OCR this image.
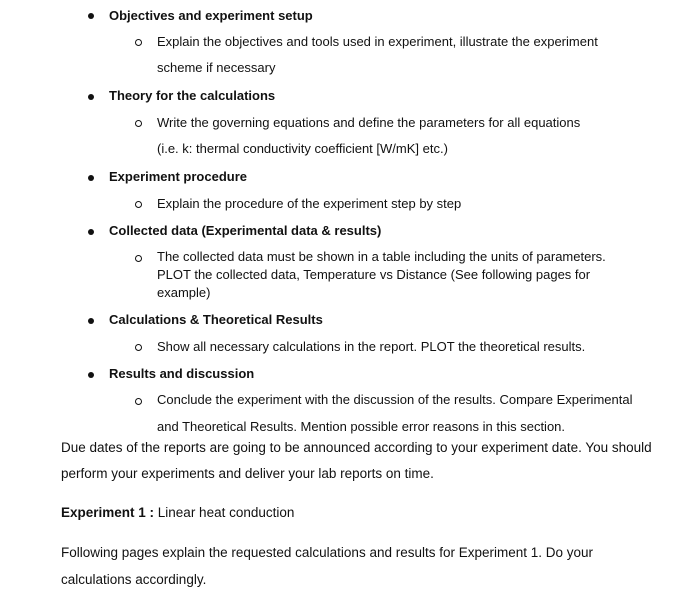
Objectives and experiment setup
Explain the objectives and tools used in experiment, illustrate the experiment
scheme if necessary
Theory for the calculations
Write the governing equations and define the parameters for all equations
(i.e. k: thermal conductivity coefficient [W/mK] etc.)
Experiment procedure
Explain the procedure of the experiment step by step
Collected data (Experimental data & results)
The collected data must be shown in a table including the units of parameters.
PLOT the collected data, Temperature vs Distance (See following pages for
example)
Calculations & Theoretical Results
Show all necessary calculations in the report. PLOT the theoretical results.
Results and discussion
Conclude the experiment with the discussion of the results. Compare Experimental
and Theoretical Results. Mention possible error reasons in this section.
Due dates of the reports are going to be announced according to your experiment date. You should
perform your experiments and deliver your lab reports on time.
Experiment 1 : Linear heat conduction
Following pages explain the requested calculations and results for Experiment 1. Do your
calculations accordingly.
